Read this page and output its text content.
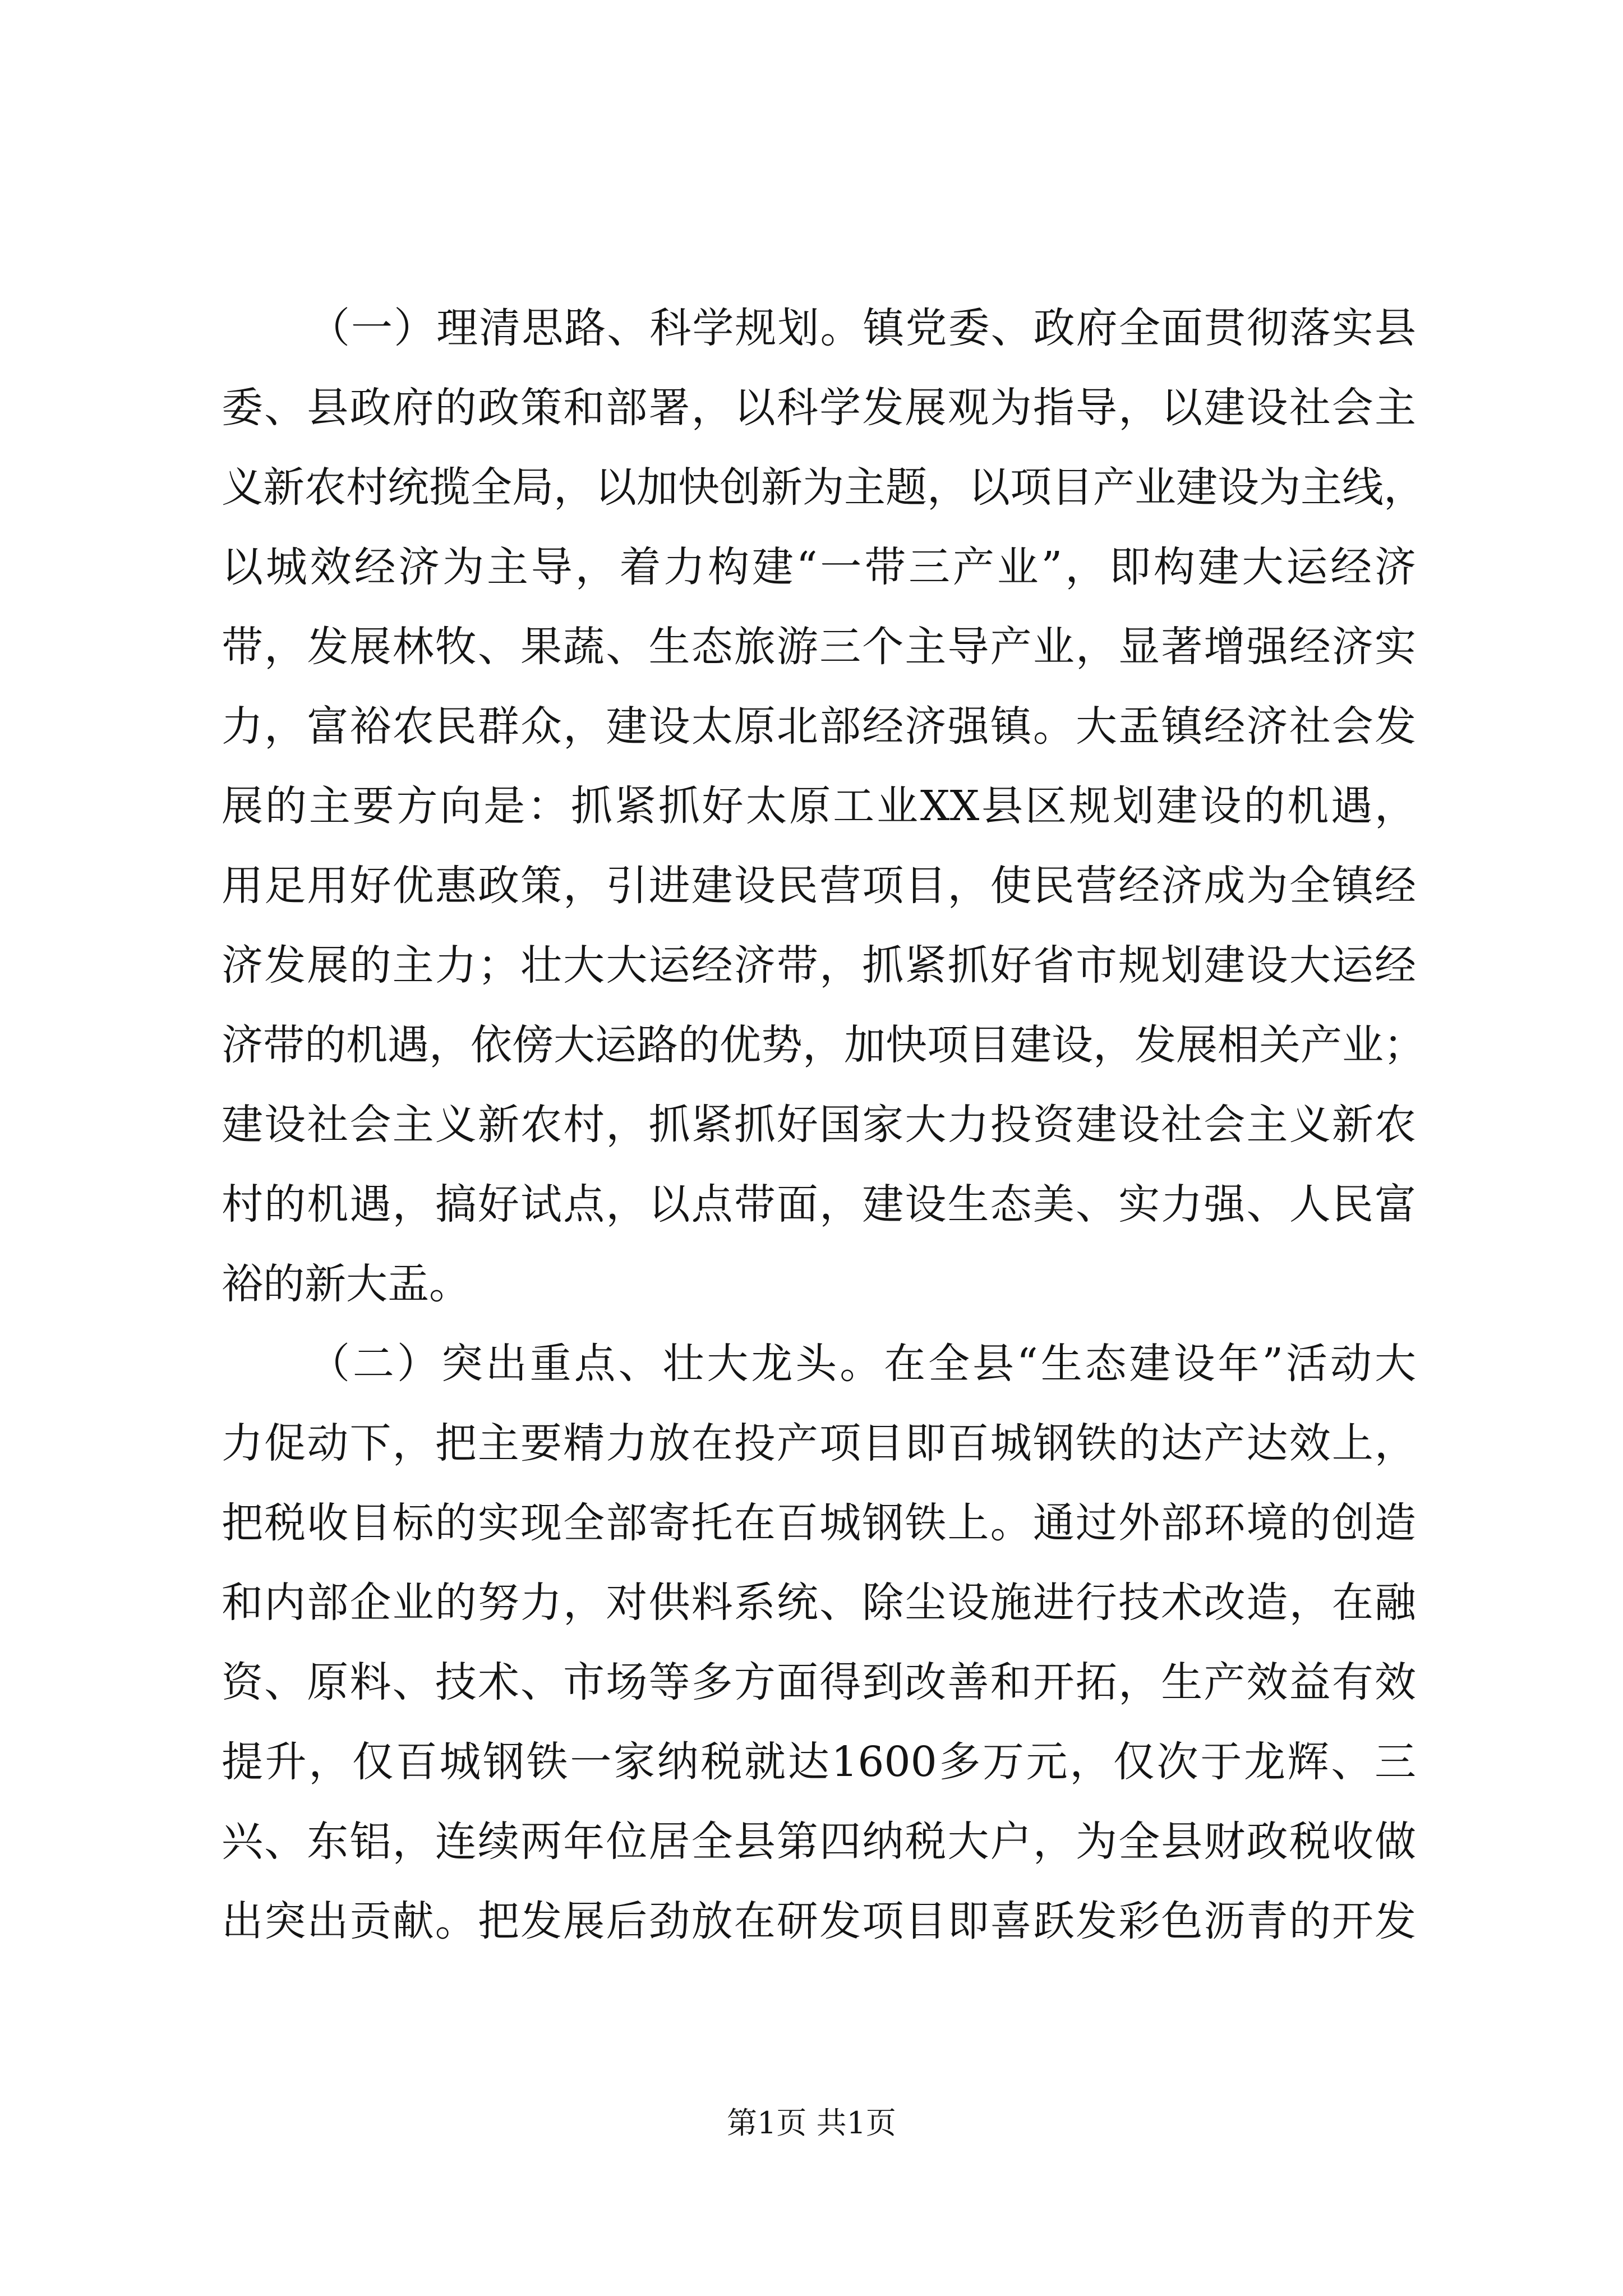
（一）理清思路、科学规划。镇党委、政府全面贯彻落实县
委、县政府的政策和部署，以科学发展观为指导，以建设社会主
义新农村统揽全局，以加快创新为主题，以项目产业建设为主线，
以城效经济为主导，着力构建“一带三产业”，即构建大运经济
带，发展林牧、果蔬、生态旅游三个主导产业，显著增强经济实
力，富裕农民群众，建设太原北部经济强镇。大盂镇经济社会发
展的主要方向是：抓紧抓好太原工业XX县区规划建设的机遇，
用足用好优惠政策，引进建设民营项目，使民营经济成为全镇经
济发展的主力；壮大大运经济带，抓紧抓好省市规划建设大运经
济带的机遇，依傍大运路的优势，加快项目建设，发展相关产业；
建设社会主义新农村，抓紧抓好国家大力投资建设社会主义新农
村的机遇，搞好试点，以点带面，建设生态美、实力强、人民富
裕的新大盂。
（二）突出重点、壮大龙头。在全县“生态建设年”活动大
力促动下，把主要精力放在投产项目即百城钢铁的达产达效上，
把税收目标的实现全部寄托在百城钢铁上。通过外部环境的创造
和内部企业的努力，对供料系统、除尘设施进行技术改造，在融
资、原料、技术、市场等多方面得到改善和开拓，生产效益有效
提升，仅百城钢铁一家纳税就达1600多万元，仅次于龙辉、三
兴、东铝，连续两年位居全县第四纳税大户，为全县财政税收做
出突出贡献。把发展后劲放在研发项目即喜跃发彩色沥青的开发
第1页 共1页
